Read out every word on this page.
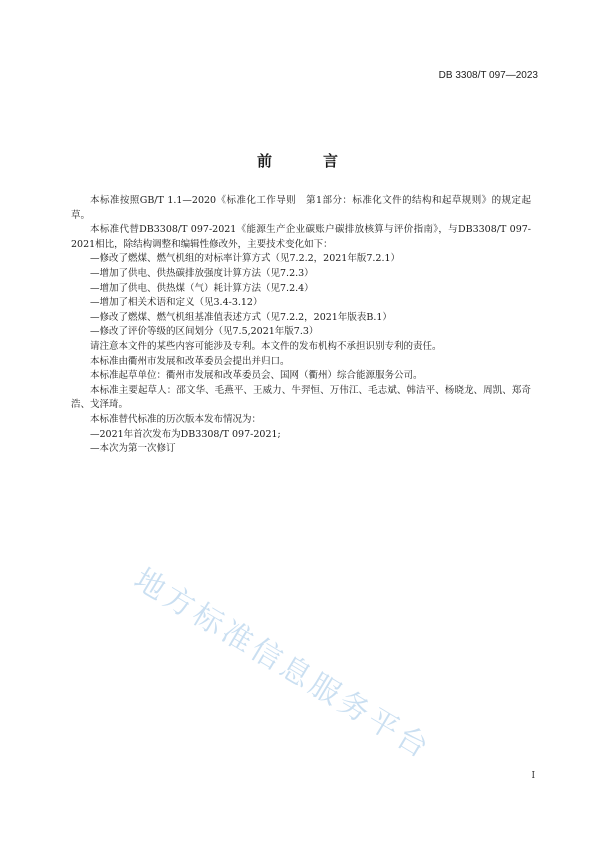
DB 3308/T 097—2023
前　言

本标准按照GB/T 1.1—2020《标准化工作导则　第1部分：标准化文件的结构和起草规则》的规定起草。

本标准代替DB3308/T 097-2021《能源生产企业碳账户碳排放核算与评价指南》，与DB3308/T 097-2021相比，除结构调整和编辑性修改外，主要技术变化如下：

—修改了燃煤、燃气机组的对标率计算方式（见7.2.2，2021年版7.2.1）

—增加了供电、供热碳排放强度计算方法（见7.2.3）

—增加了供电、供热煤（气）耗计算方法（见7.2.4）

—增加了相关术语和定义（见3.4-3.12）

—修改了燃煤、燃气机组基准值表述方式（见7.2.2，2021年版表B.1）

—修改了评价等级的区间划分（见7.5,2021年版7.3）

请注意本文件的某些内容可能涉及专利。本文件的发布机构不承担识别专利的责任。

本标准由衢州市发展和改革委员会提出并归口。

本标准起草单位：衢州市发展和改革委员会、国网（衢州）综合能源服务公司。

本标准主要起草人：邵文华、毛燕平、王威力、牛羿恒、万伟江、毛志斌、韩洁平、杨晓龙、周凯、郑奇浩、戈泽琦。

本标准替代标准的历次版本发布情况为：

—2021年首次发布为DB3308/T 097-2021;

—本次为第一次修订

地方标准信息服务平台
I
